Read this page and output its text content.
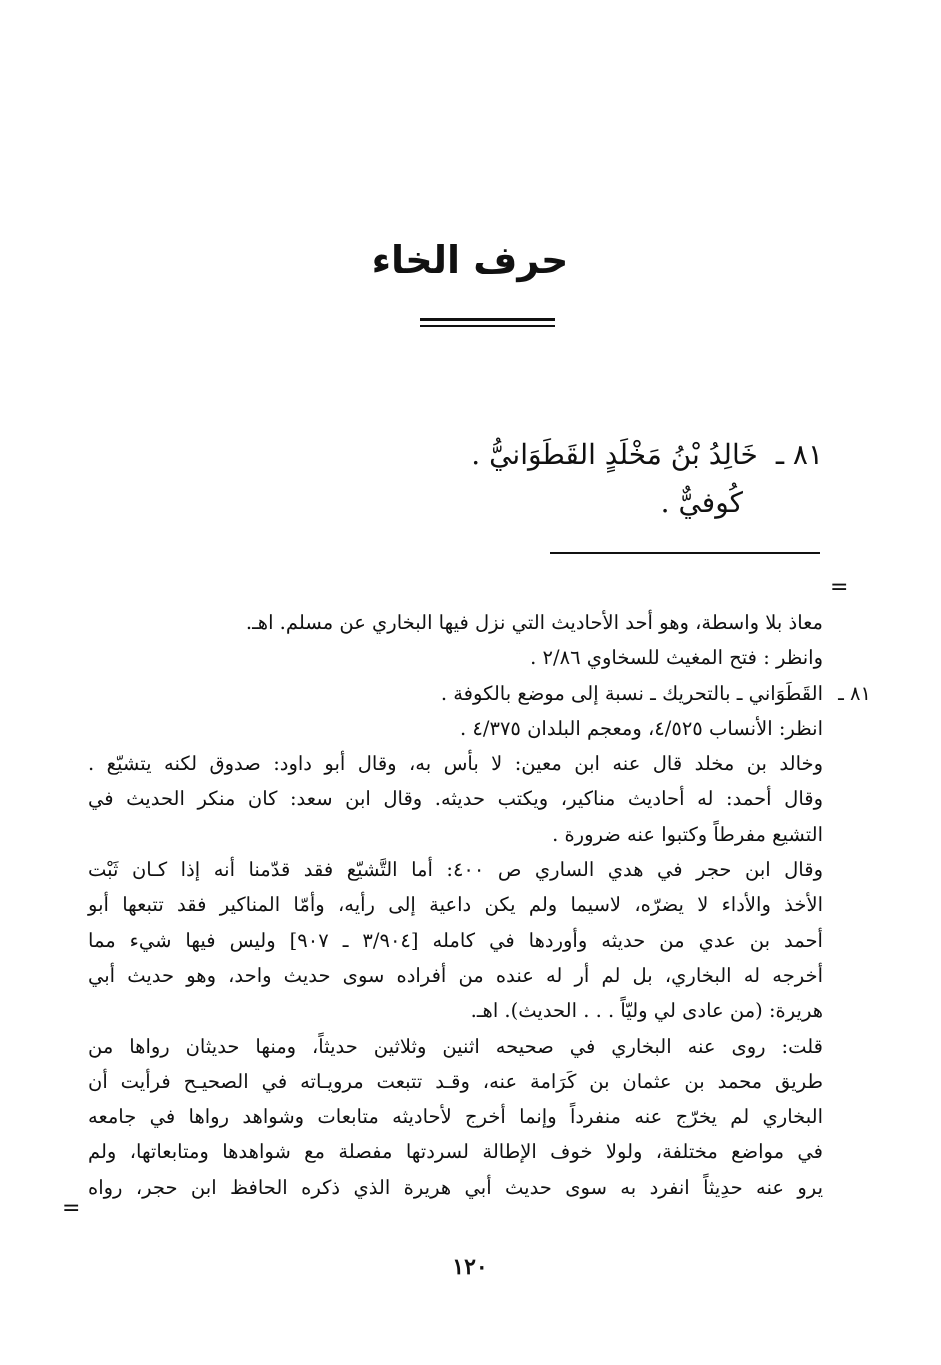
حرف الخاء
٨١ ـخَالِدُ بْنُ مَخْلَدٍ القَطَوَانيُّ .
كُوفيٌّ .
=
معاذ بلا واسطة، وهو أحد الأحاديث التي نزل فيها البخاري عن مسلم. اهـ.
وانظر : فتح المغيث للسخاوي ٢/٨٦ .
٨١ ـ
القَطَوَاني ـ بالتحريك ـ نسبة إلى موضع بالكوفة .
انظر: الأنساب ٤/٥٢٥، ومعجم البلدان ٤/٣٧٥ .
وخالد بن مخلد قال عنه ابن معين: لا بأس به، وقال أبو داود: صدوق لكنه يتشيّع .
وقال أحمد: له أحاديث مناكير، ويكتب حديثه. وقال ابن سعد: كان منكر الحديث في
التشيع مفرطاً وكتبوا عنه ضرورة .
وقال ابن حجر في هدي الساري ص ٤٠٠: أما التَّشيّع فقد قدّمنا أنه إذا كـان ثَبْت
الأخذ والأداء لا يضرّه، لاسيما ولم يكن داعية إلى رأيه، وأمّا المناكير فقد تتبعها أبو
أحمد بن عدي من حديثه وأوردها في كامله [٣/٩٠٤ ـ ٩٠٧] وليس فيها شيء مما
أخرجه له البخاري، بل لم أر له عنده من أفراده سوى حديث واحد، وهو حديث أبي
هريرة: (من عادى لي وليّاً . . . الحديث). اهـ.
قلت: روى عنه البخاري في صحيحه اثنين وثلاثين حديثاً، ومنها حديثان رواها من
طريق محمد بن عثمان بن كَرَامة عنه، وقـد تتبعت مرويـاته في الصحيـح فرأيت أن
البخاري لم يخرّج عنه منفرداً وإنما أخرج لأحاديثه متابعات وشواهد رواها في جامعه
في مواضع مختلفة، ولولا خوف الإطالة لسردتها مفصلة مع شواهدها ومتابعاتها، ولم
يرو عنه حدِيثاً انفرد به سوى حديث أبي هريرة الذي ذكره الحافظ ابن حجر، رواه
=
١٢٠
